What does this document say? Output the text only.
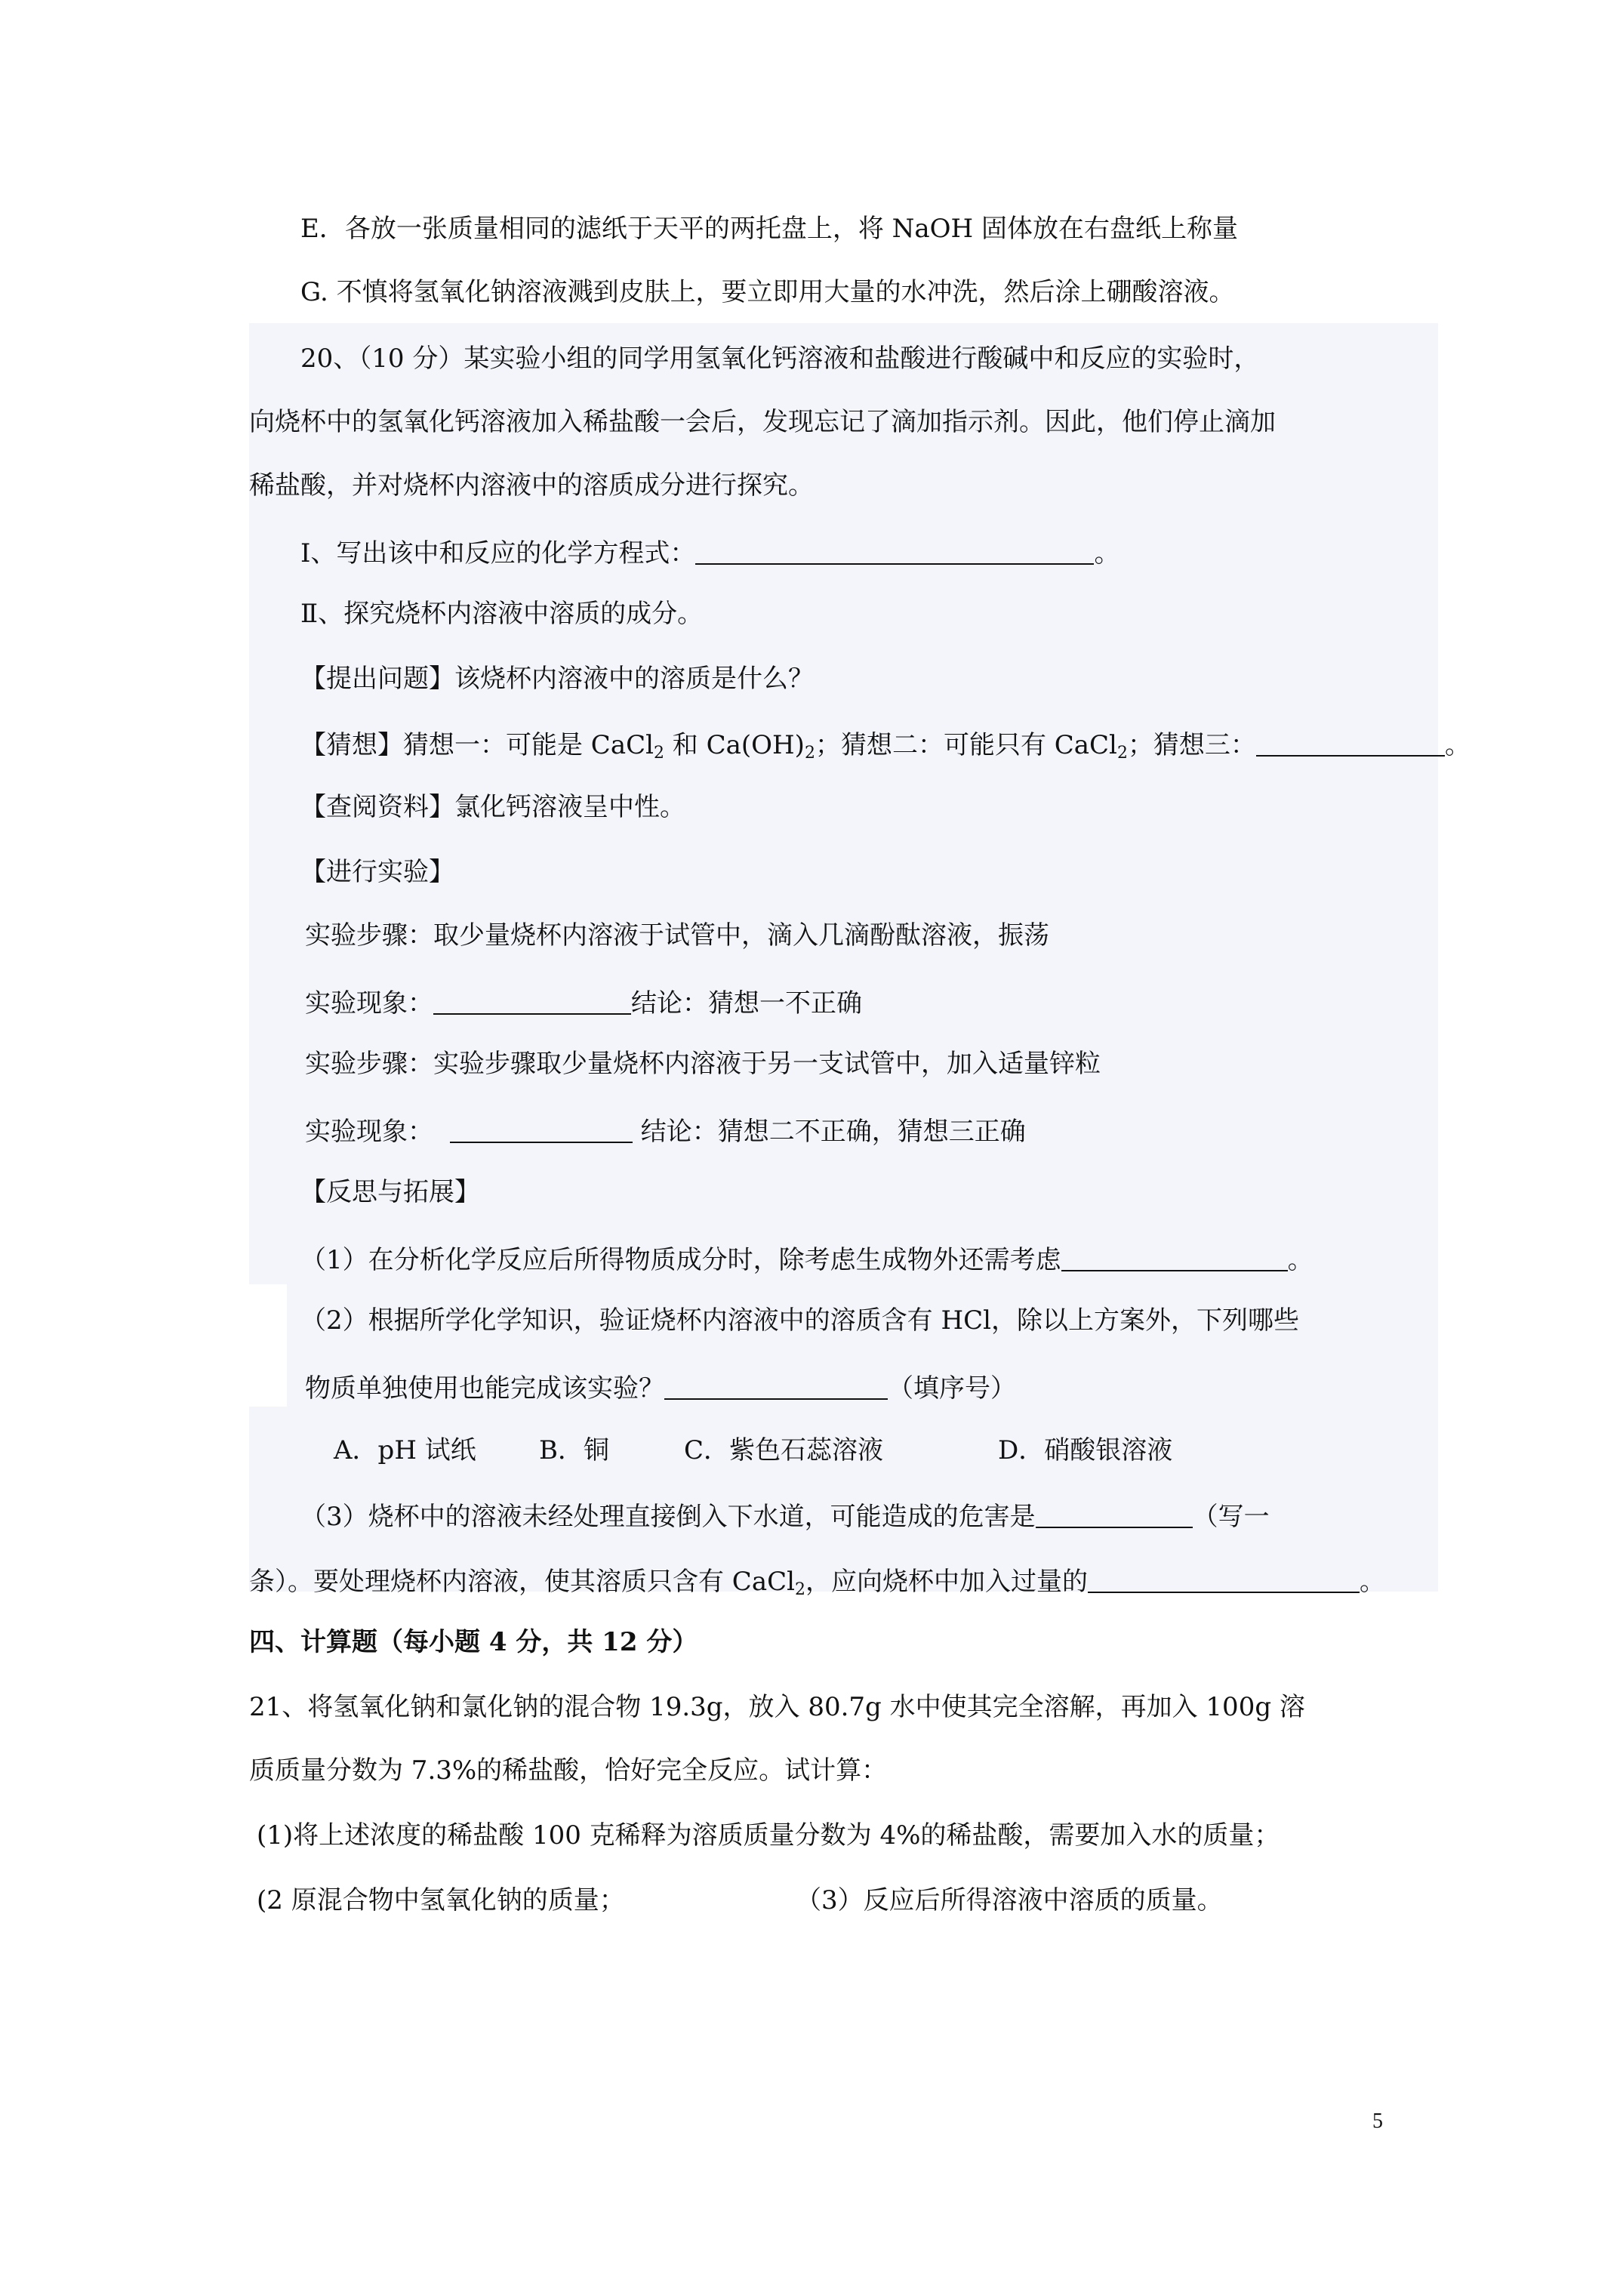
E．各放一张质量相同的滤纸于天平的两托盘上，将 NaOH 固体放在右盘纸上称量
G. 不慎将氢氧化钠溶液溅到皮肤上，要立即用大量的水冲洗，然后涂上硼酸溶液。
20、（10 分）某实验小组的同学用氢氧化钙溶液和盐酸进行酸碱中和反应的实验时，
向烧杯中的氢氧化钙溶液加入稀盐酸一会后，发现忘记了滴加指示剂。因此，他们停止滴加
稀盐酸，并对烧杯内溶液中的溶质成分进行探究。
Ⅰ、写出该中和反应的化学方程式：	。
Ⅱ、探究烧杯内溶液中溶质的成分。
【提出问题】该烧杯内溶液中的溶质是什么？
【猜想】猜想一：可能是 CaCl$_2$ 和 $Ca(OH)_2$；猜想二：可能只有 CaCl$_2$；猜想三：	。
【查阅资料】氯化钙溶液呈中性。
【进行实验】
实验步骤：取少量烧杯内溶液于试管中，滴入几滴酚酞溶液，振荡
实验现象：	结论：猜想一不正确
实验步骤：实验步骤取少量烧杯内溶液于另一支试管中，加入适量锌粒
实验现象：	结论：猜想二不正确，猜想三正确
【反思与拓展】
（1）在分析化学反应后所得物质成分时，除考虑生成物外还需考虑	。
（2）根据所学化学知识，验证烧杯内溶液中的溶质含有 HCl，除以上方案外，下列哪些
物质单独使用也能完成该实验？	（填序号）
A．pH 试纸 B．铜	C．紫色石蕊溶液	D．硝酸银溶液
（3）烧杯中的溶液未经处理直接倒入下水道，可能造成的危害是	（写一
条）。要处理烧杯内溶液，使其溶质只含有 CaCl$_2$，应向烧杯中加入过量的	。
四、计算题（每小题 4 分，共 12 分）
21、将氢氧化钠和氯化钠的混合物 19.3g，放入 80.7g 水中使其完全溶解，再加入 100g 溶
质质量分数为 7.3%的稀盐酸，恰好完全反应。试计算：
(1)将上述浓度的稀盐酸 100 克稀释为溶质质量分数为 4%的稀盐酸，需要加入水的质量；
(2 原混合物中氢氧化钠的质量；	（3）反应后所得溶液中溶质的质量。
5
